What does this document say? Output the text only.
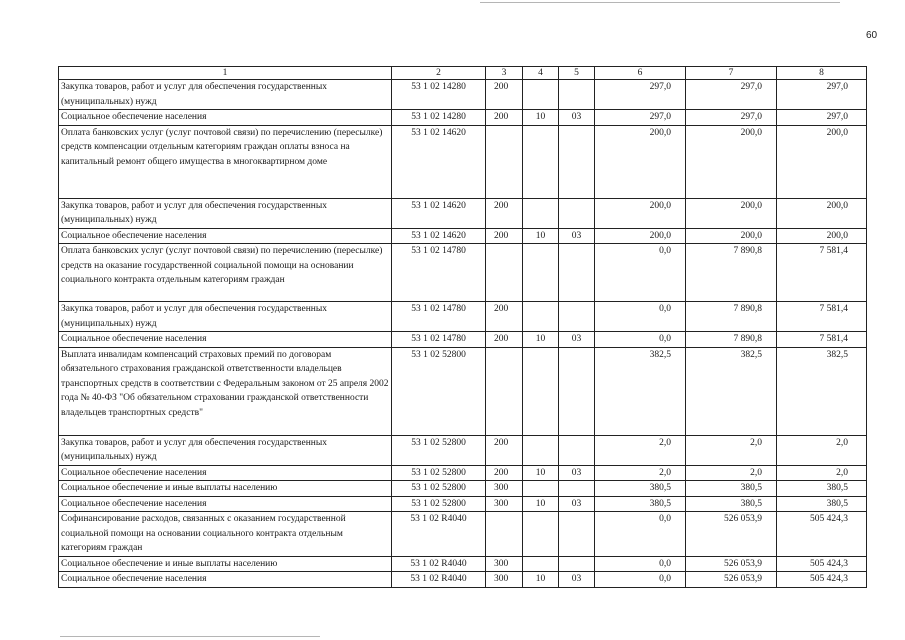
60
1	2	3	4	5	6	7	8
Закупка товаров, работ и услуг для обеспечения государственных (муниципальных) нужд	53 1 02 14280	200			297,0	297,0	297,0
Социальное обеспечение населения	53 1 02 14280	200	10	03	297,0	297,0	297,0
Оплата банковских услуг (услуг почтовой связи) по перечислению (пересылке) средств компенсации отдельным категориям граждан оплаты взноса на капитальный ремонт общего имущества в многоквартирном доме	53 1 02 14620				200,0	200,0	200,0
Закупка товаров, работ и услуг для обеспечения государственных (муниципальных) нужд	53 1 02 14620	200			200,0	200,0	200,0
Социальное обеспечение населения	53 1 02 14620	200	10	03	200,0	200,0	200,0
Оплата банковских услуг (услуг почтовой связи) по перечислению (пересылке) средств на оказание государственной социальной помощи на основании социального контракта отдельным категориям граждан	53 1 02 14780				0,0	7 890,8	7 581,4
Закупка товаров, работ и услуг для обеспечения государственных (муниципальных) нужд	53 1 02 14780	200			0,0	7 890,8	7 581,4
Социальное обеспечение населения	53 1 02 14780	200	10	03	0,0	7 890,8	7 581,4
Выплата инвалидам компенсаций страховых премий по договорам обязательного страхования гражданской ответственности владельцев транспортных средств в соответствии с Федеральным законом от 25 апреля 2002 года № 40-ФЗ "Об обязательном страховании гражданской ответственности владельцев транспортных средств"	53 1 02 52800				382,5	382,5	382,5
Закупка товаров, работ и услуг для обеспечения государственных (муниципальных) нужд	53 1 02 52800	200			2,0	2,0	2,0
Социальное обеспечение населения	53 1 02 52800	200	10	03	2,0	2,0	2,0
Социальное обеспечение и иные выплаты населению	53 1 02 52800	300			380,5	380,5	380,5
Социальное обеспечение населения	53 1 02 52800	300	10	03	380,5	380,5	380,5
Софинансирование расходов, связанных с оказанием государственной социальной помощи на основании социального контракта отдельным категориям граждан	53 1 02 R4040				0,0	526 053,9	505 424,3
Социальное обеспечение и иные выплаты населению	53 1 02 R4040	300			0,0	526 053,9	505 424,3
Социальное обеспечение населения	53 1 02 R4040	300	10	03	0,0	526 053,9	505 424,3
